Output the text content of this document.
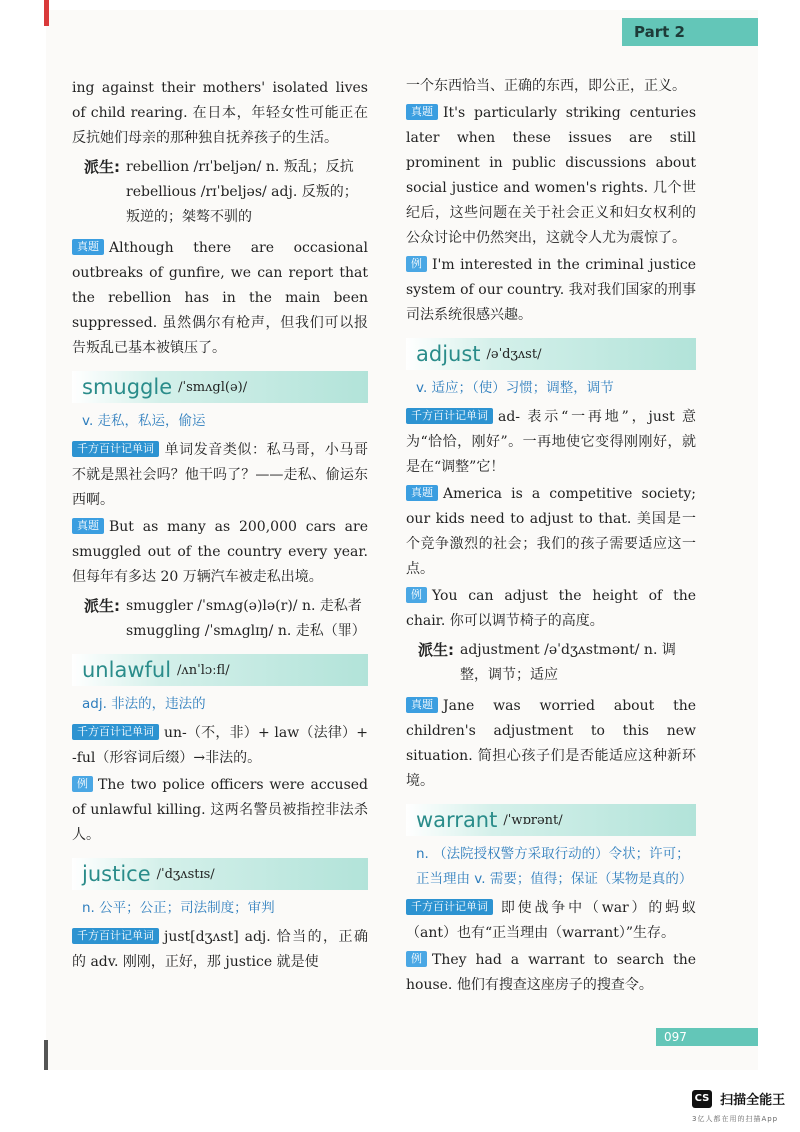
Part 2

ing against their mothers' isolated lives of child rearing. 在日本，年轻女性可能正在反抗她们母亲的那种独自抚养孩子的生活。

派生: rebellion /rɪˈbeljən/ n. 叛乱；反抗
rebellious /rɪˈbeljəs/ adj. 反叛的；叛逆的；桀骜不驯的

真题 Although there are occasional outbreaks of gunfire, we can report that the rebellion has in the main been suppressed. 虽然偶尔有枪声，但我们可以报告叛乱已基本被镇压了。

smuggle /ˈsmʌgl(ə)/
v. 走私，私运，偷运

千方百计记单词 单词发音类似：私马哥，小马哥不就是黑社会吗？他干吗了？——走私、偷运东西啊。

真题 But as many as 200,000 cars are smuggled out of the country every year. 但每年有多达 20 万辆汽车被走私出境。

派生: smuggler /ˈsmʌg(ə)lə(r)/ n. 走私者
smuggling /ˈsmʌglɪŋ/ n. 走私（罪）
unlawful /ʌnˈlɔːfl/
adj. 非法的，违法的

千方百计记单词 un-（不，非）+ law（法律）+ -ful（形容词后缀）→非法的。

例 The two police officers were accused of unlawful killing. 这两名警员被指控非法杀人。

justice /ˈdʒʌstɪs/
n. 公平；公正；司法制度；审判

千方百计记单词 just[dʒʌst] adj. 恰当的，正确的 adv. 刚刚，正好，那 justice 就是使

一个东西恰当、正确的东西，即公正，正义。

真题 It's particularly striking centuries later when these issues are still prominent in public discussions about social justice and women's rights. 几个世纪后，这些问题在关于社会正义和妇女权利的公众讨论中仍然突出，这就令人尤为震惊了。

例 I'm interested in the criminal justice system of our country. 我对我们国家的刑事司法系统很感兴趣。

adjust /əˈdʒʌst/
v. 适应；（使）习惯；调整，调节

千方百计记单词 ad- 表示“一再地”，just 意为“恰恰，刚好”。一再地使它变得刚刚好，就是在“调整”它！

真题 America is a competitive society; our kids need to adjust to that. 美国是一个竞争激烈的社会；我们的孩子需要适应这一点。

例 You can adjust the height of the chair. 你可以调节椅子的高度。

派生: adjustment /əˈdʒʌstmənt/ n. 调整，调节；适应

真题 Jane was worried about the children's adjustment to this new situation. 简担心孩子们是否能适应这种新环境。

warrant /ˈwɒrənt/
n. （法院授权警方采取行动的）令状；许可；正当理由 v. 需要；值得；保证（某物是真的）

千方百计记单词 即使战争中（war）的蚂蚁（ant）也有“正当理由（warrant）”生存。

例 They had a warrant to search the house. 他们有搜查这座房子的搜查令。

097
CS 扫描全能王
3亿人都在用的扫描App
